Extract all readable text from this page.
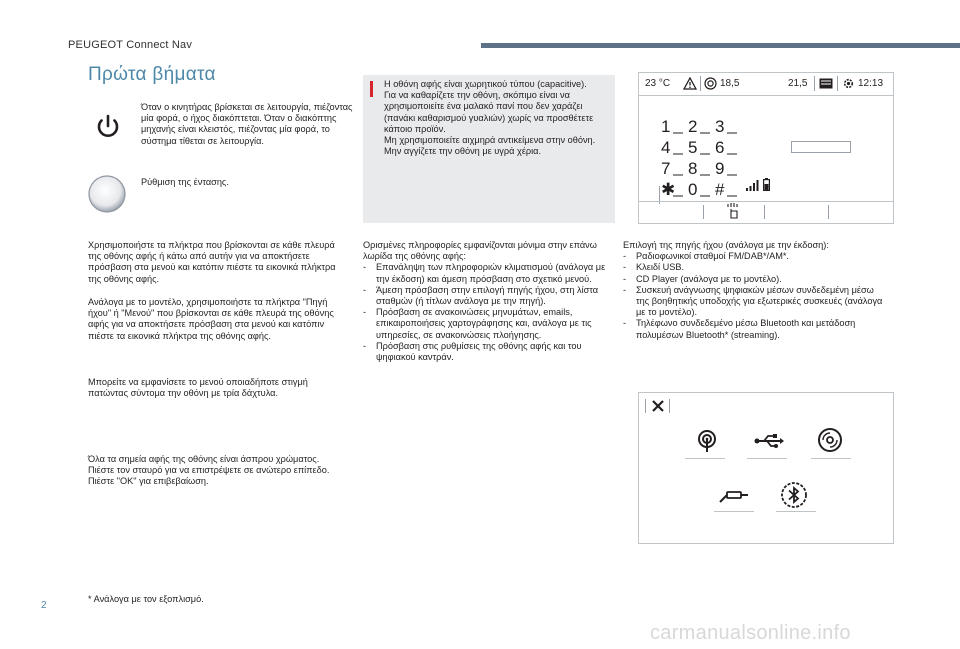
PEUGEOT Connect Nav
Πρώτα βήματα
Όταν ο κινητήρας βρίσκεται σε λειτουργία, πιέζοντας μία φορά, ο ήχος διακόπτεται. Όταν ο διακόπτης μηχανής είναι κλειστός, πιέζοντας μία φορά, το σύστημα τίθεται σε λειτουργία.
Ρύθμιση της έντασης.
Χρησιμοποιήστε τα πλήκτρα που βρίσκονται σε κάθε πλευρά της οθόνης αφής ή κάτω από αυτήν για να αποκτήσετε πρόσβαση στα μενού και κατόπιν πιέστε τα εικονικά πλήκτρα της οθόνης αφής.
Ανάλογα με το μοντέλο, χρησιμοποιήστε τα πλήκτρα "Πηγή ήχου" ή "Μενού" που βρίσκονται σε κάθε πλευρά της οθόνης αφής για να αποκτήσετε πρόσβαση στα μενού και κατόπιν πιέστε τα εικονικά πλήκτρα της οθόνης αφής.
Μπορείτε να εμφανίσετε το μενού οποιαδήποτε στιγμή πατώντας σύντομα την οθόνη με τρία δάχτυλα.

Όλα τα σημεία αφής της οθόνης είναι άσπρου χρώματος.

Πιέστε τον σταυρό για να επιστρέψετε σε ανώτερο επίπεδο.

Πιέστε "OK" για επιβεβαίωση.

* Ανάλογα με τον εξοπλισμό.

Η οθόνη αφής είναι χωρητικού τύπου (capacitive).

Για να καθαρίζετε την οθόνη, σκόπιμο είναι να χρησιμοποιείτε ένα μαλακό πανί που δεν χαράζει (πανάκι καθαρισμού γυαλιών) χωρίς να προσθέτετε κάποιο προϊόν.

Μη χρησιμοποιείτε αιχμηρά αντικείμενα στην οθόνη.

Μην αγγίζετε την οθόνη με υγρά χέρια.

Ορισμένες πληροφορίες εμφανίζονται μόνιμα στην επάνω λωρίδα της οθόνης αφής:

- Επανάληψη των πληροφοριών κλιματισμού (ανάλογα με την έκδοση) και άμεση πρόσβαση στο σχετικό μενού.
- Άμεση πρόσβαση στην επιλογή πηγής ήχου, στη λίστα σταθμών (ή τίτλων ανάλογα με την πηγή).
- Πρόσβαση σε ανακοινώσεις μηνυμάτων, emails, επικαιροποιήσεις χαρτογράφησης και, ανάλογα με τις υπηρεσίες, σε ανακοινώσεις πλοήγησης.
- Πρόσβαση στις ρυθμίσεις της οθόνης αφής και του ψηφιακού καντράν.
23 °C	18,5	21,5	12:13
1	2	3
4	5	6
7	8	9
✱ 0	#

Επιλογή της πηγής ήχου (ανάλογα με την έκδοση):

- Ραδιοφωνικοί σταθμοί FM/DAB*/AM*.
- Κλειδί USB.
- CD Player (ανάλογα με το μοντέλο).
- Συσκευή ανάγνωσης ψηφιακών μέσων συνδεδεμένη μέσω της βοηθητικής υποδοχής για εξωτερικές συσκευές (ανάλογα με το μοντέλο).
- Τηλέφωνο συνδεδεμένο μέσω Bluetooth και μετάδοση πολυμέσων Bluetooth* (streaming).
2
carmanualsonline.info
